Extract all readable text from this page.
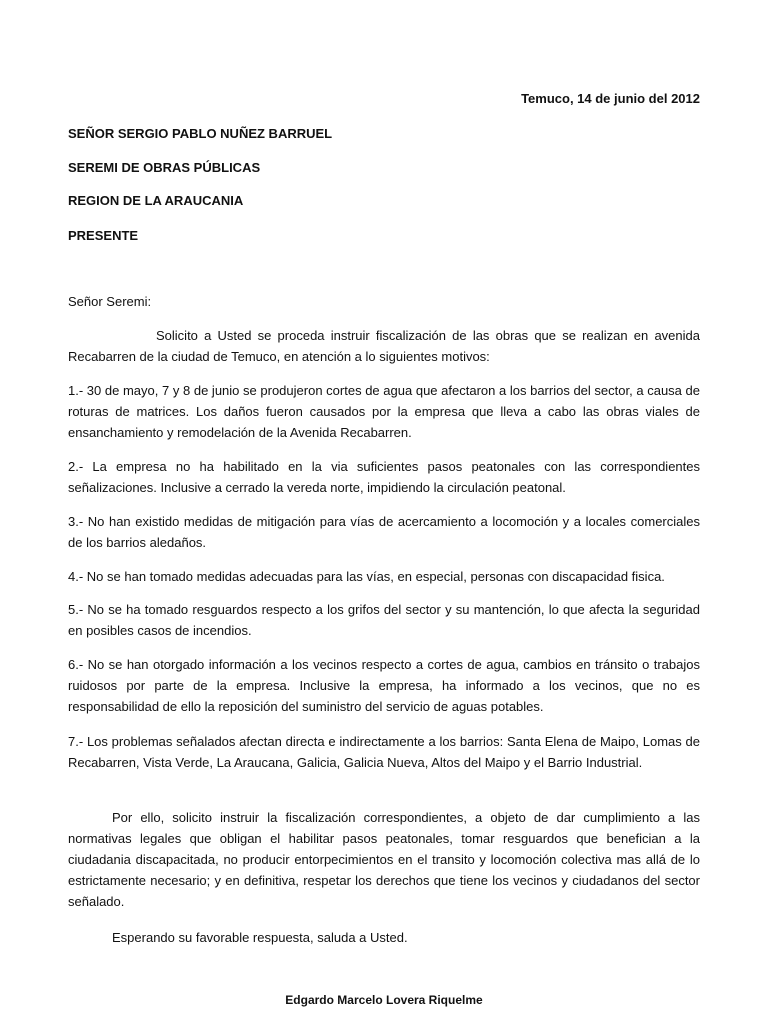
Temuco, 14 de junio del 2012
SEÑOR SERGIO PABLO NUÑEZ BARRUEL
SEREMI DE OBRAS PÚBLICAS
REGION DE LA ARAUCANIA
PRESENTE
Señor Seremi:
Solicito a Usted se proceda instruir fiscalización de las obras que se realizan en avenida Recabarren de la ciudad de Temuco, en atención a lo siguientes motivos:
1.- 30 de mayo, 7 y 8 de junio se produjeron cortes de agua que afectaron a los barrios del sector, a causa de roturas de matrices. Los daños fueron causados por la empresa que lleva a cabo las obras viales de ensanchamiento y remodelación de la Avenida Recabarren.
2.- La empresa no ha habilitado en la via suficientes pasos peatonales con las correspondientes señalizaciones. Inclusive a cerrado la vereda norte, impidiendo la circulación peatonal.
3.- No han existido medidas de mitigación para vías de acercamiento a locomoción y a locales comerciales de los barrios aledaños.
4.- No se han tomado medidas adecuadas para las vías, en especial, personas con discapacidad fisica.
5.- No se ha tomado resguardos respecto a los grifos del sector y su mantención, lo que afecta la seguridad en posibles casos de incendios.
6.- No se han otorgado información a los vecinos respecto a cortes de agua, cambios en tránsito o trabajos ruidosos por parte de la empresa. Inclusive la empresa, ha informado a los vecinos, que no es responsabilidad de ello la reposición del suministro del servicio de aguas potables.
7.- Los problemas señalados afectan directa e indirectamente a los barrios: Santa Elena de Maipo, Lomas de Recabarren, Vista Verde, La Araucana, Galicia, Galicia Nueva, Altos del Maipo y el Barrio Industrial.
Por ello, solicito instruir la fiscalización correspondientes, a objeto de dar cumplimiento a las normativas legales que obligan el habilitar pasos peatonales, tomar resguardos que benefician a la ciudadania discapacitada, no producir entorpecimientos en el transito y locomoción colectiva mas allá de lo estrictamente necesario; y en definitiva, respetar los derechos que tiene los vecinos y ciudadanos del sector señalado.
Esperando su favorable respuesta, saluda a Usted.
Edgardo Marcelo Lovera Riquelme
